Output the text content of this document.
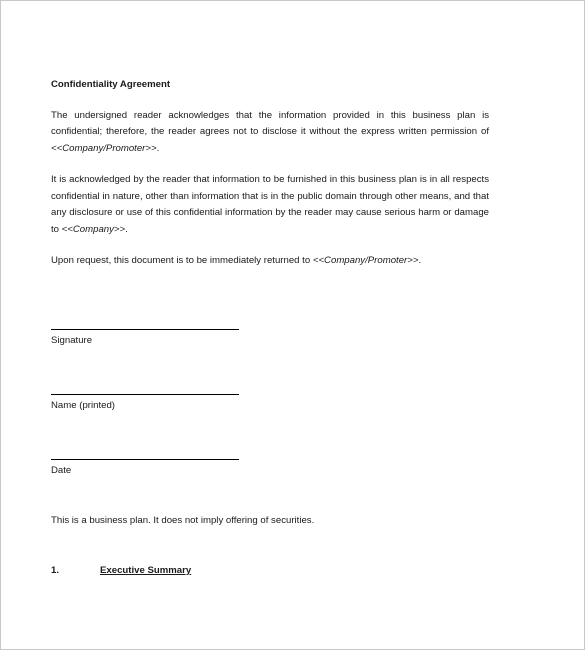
Confidentiality Agreement

The undersigned reader acknowledges that the information provided in this business plan is confidential; therefore, the reader agrees not to disclose it without the express written permission of <<Company/Promoter>>.

It is acknowledged by the reader that information to be furnished in this business plan is in all respects confidential in nature, other than information that is in the public domain through other means, and that any disclosure or use of this confidential information by the reader may cause serious harm or damage to <<Company>>.

Upon request, this document is to be immediately returned to <<Company/Promoter>>.

Signature
Name (printed)
Date
This is a business plan. It does not imply offering of securities.
1.	Executive Summary
